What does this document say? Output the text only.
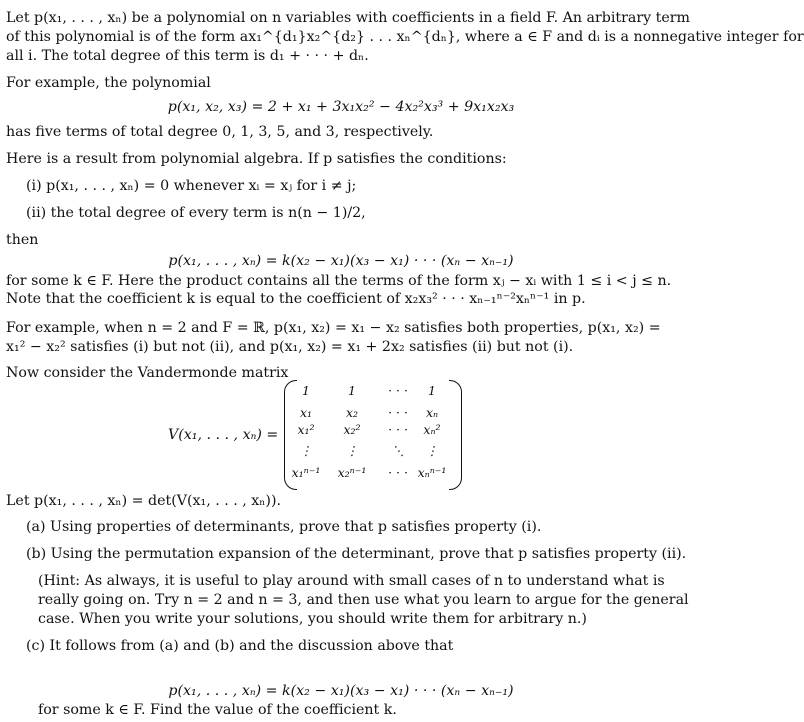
Let p(x₁, . . . , xₙ) be a polynomial on n variables with coefficients in a field F. An arbitrary term
of this polynomial is of the form ax₁^{d₁}x₂^{d₂} . . . xₙ^{dₙ}, where a ∈ F and dᵢ is a nonnegative integer for
all i. The total degree of this term is d₁ + · · · + dₙ.
For example, the polynomial
p(x₁, x₂, x₃) = 2 + x₁ + 3x₁x₂² − 4x₂²x₃³ + 9x₁x₂x₃
has five terms of total degree 0, 1, 3, 5, and 3, respectively.
Here is a result from polynomial algebra. If p satisfies the conditions:
(i) p(x₁, . . . , xₙ) = 0 whenever xᵢ = xⱼ for i ≠ j;
(ii) the total degree of every term is n(n − 1)/2,
then
p(x₁, . . . , xₙ) = k(x₂ − x₁)(x₃ − x₁) · · · (xₙ − xₙ₋₁)
for some k ∈ F. Here the product contains all the terms of the form xⱼ − xᵢ with 1 ≤ i < j ≤ n.
Note that the coefficient k is equal to the coefficient of x₂x₃² · · · xₙ₋₁ⁿ⁻²xₙⁿ⁻¹ in p.
For example, when n = 2 and F = ℝ, p(x₁, x₂) = x₁ − x₂ satisfies both properties, p(x₁, x₂) =
x₁² − x₂² satisfies (i) but not (ii), and p(x₁, x₂) = x₁ + 2x₂ satisfies (ii) but not (i).
Now consider the Vandermonde matrix
V(x₁, . . . , xₙ) =
1	1	· · ·	1
x₁	x₂	· · ·	xₙ
x₁²	x₂²	· · ·	xₙ²
⋮	⋮	⋱	⋮
x₁ⁿ⁻¹ x₂ⁿ⁻¹	· · · xₙⁿ⁻¹
Let p(x₁, . . . , xₙ) = det(V(x₁, . . . , xₙ)).
(a) Using properties of determinants, prove that p satisfies property (i).
(b) Using the permutation expansion of the determinant, prove that p satisfies property (ii).
(Hint: As always, it is useful to play around with small cases of n to understand what is
really going on. Try n = 2 and n = 3, and then use what you learn to argue for the general
case. When you write your solutions, you should write them for arbitrary n.)
(c) It follows from (a) and (b) and the discussion above that
p(x₁, . . . , xₙ) = k(x₂ − x₁)(x₃ − x₁) · · · (xₙ − xₙ₋₁)
for some k ∈ F. Find the value of the coefficient k.
